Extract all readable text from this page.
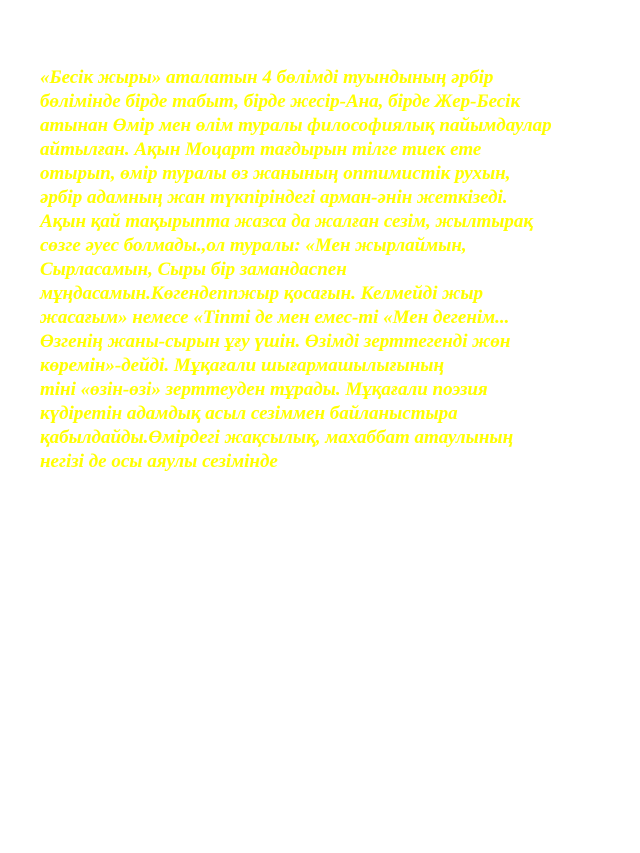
«Бесік жыры» аталатын 4 бөлімді туындының әрбір
бөлімінде бірде табыт, бірде жесір-Ана, бірде Жер-Бесік
атынан Өмір мен өлім туралы философиялық пайымдаулар
айтылған. Ақын Моцарт тағдырын тілге тиек ете
отырып, өмір туралы өз жанының оптимистік рухын,
әрбір адамның жан түкпіріндегі арман-әнін жеткізеді.
Ақын қай тақырыпта жазса да жалған сезім, жылтырақ
сөзге әуес болмады.,ол туралы: «Мен жырлаймын,
Сырласамын, Сыры бір замандаспен
мұңдасамын.Көгендеппжыр қосағын. Келмейді жыр
жасағым» немесе «Тіпті де мен емес-ті «Мен дегенім...
Өзгенің жаны-сырын ұғу үшін. Өзімді зерттегенді жөн
көремін»-дейді. Мұқағали шығармашылығының
тіні «өзін-өзі» зерттеуден тұрады. Мұқағали поэзия
күдіретін адамдық асыл сезіммен байланыстыра
қабылдайды.Өмірдегі жақсылық, махаббат атаулының
негізі де осы аяулы сезімінде
